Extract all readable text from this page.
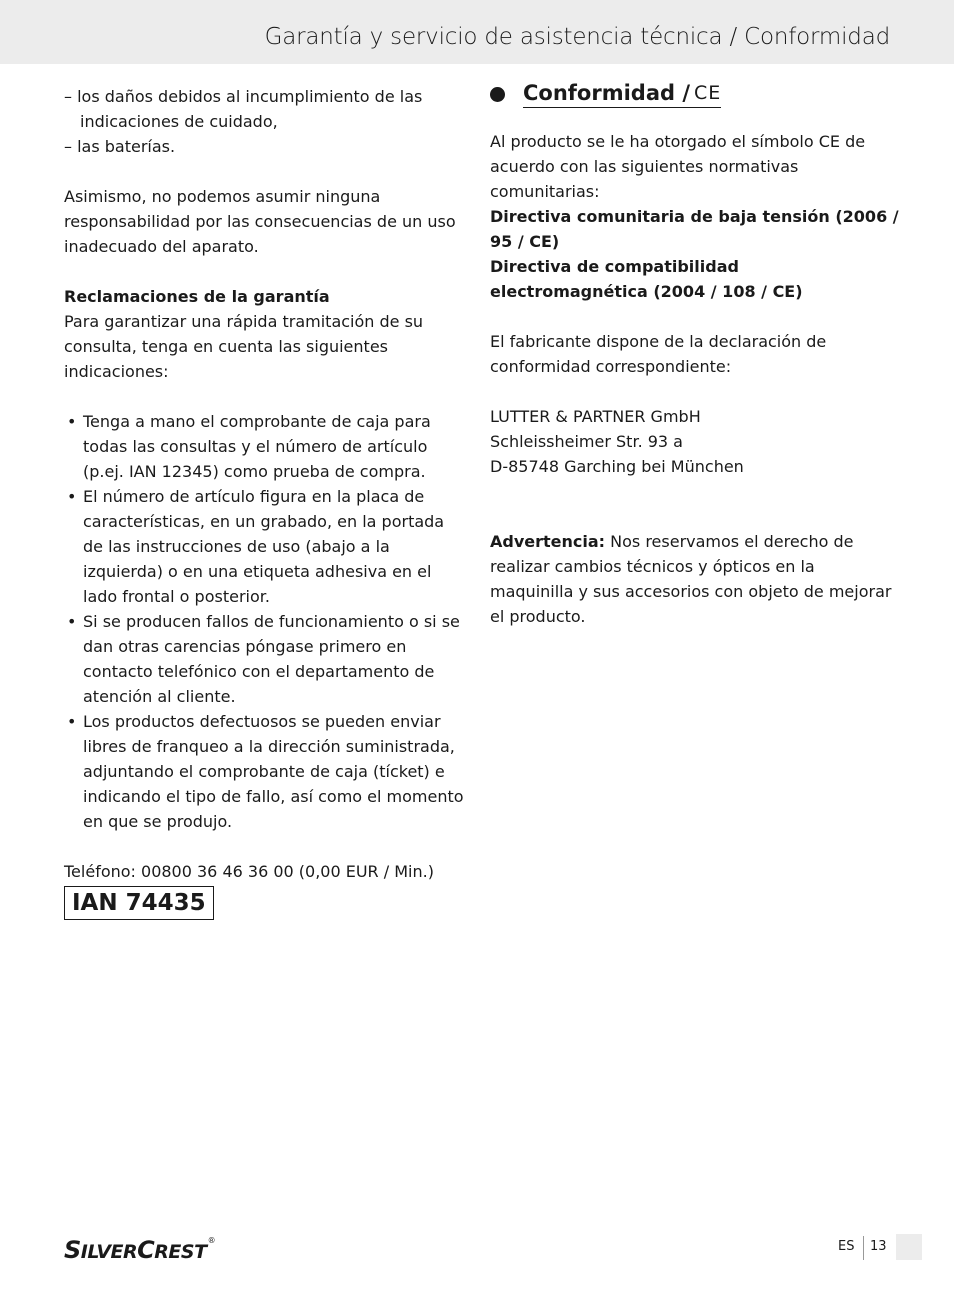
Garantía y servicio de asistencia técnica / Conformidad

– los daños debidos al incumplimiento de las indicaciones de cuidado,

– las baterías.

Asimismo, no podemos asumir ninguna responsabilidad por las consecuencias de un uso inadecuado del aparato.

Reclamaciones de la garantía

Para garantizar una rápida tramitación de su consulta, tenga en cuenta las siguientes indicaciones:

• Tenga a mano el comprobante de caja para todas las consultas y el número de artículo (p.ej. IAN 12345) como prueba de compra.
• El número de artículo figura en la placa de características, en un grabado, en la portada de las instrucciones de uso (abajo a la izquierda) o en una etiqueta adhesiva en el lado frontal o posterior.
• Si se producen fallos de funcionamiento o si se dan otras carencias póngase primero en contacto telefónico con el departamento de atención al cliente.
• Los productos defectuosos se pueden enviar libres de franqueo a la dirección suministrada, adjuntando el comprobante de caja (tícket) e indicando el tipo de fallo, así como el momento en que se produjo.

Teléfono: 00800 36 46 36 00 (0,00 EUR / Min.)

IAN 74435
Conformidad / CE

Al producto se le ha otorgado el símbolo CE de acuerdo con las siguientes normativas comunitarias:

Directiva comunitaria de baja tensión (2006 / 95 / CE)

Directiva de compatibilidad electromagnética (2004 / 108 / CE)

El fabricante dispone de la declaración de conformidad correspondiente:

LUTTER & PARTNER GmbH

Schleissheimer Str. 93 a

D-85748 Garching bei München

Advertencia: Nos reservamos el derecho de realizar cambios técnicos y ópticos en la maquinilla y sus accesorios con objeto de mejorar el producto.

SILVERCREST®	ES 13
